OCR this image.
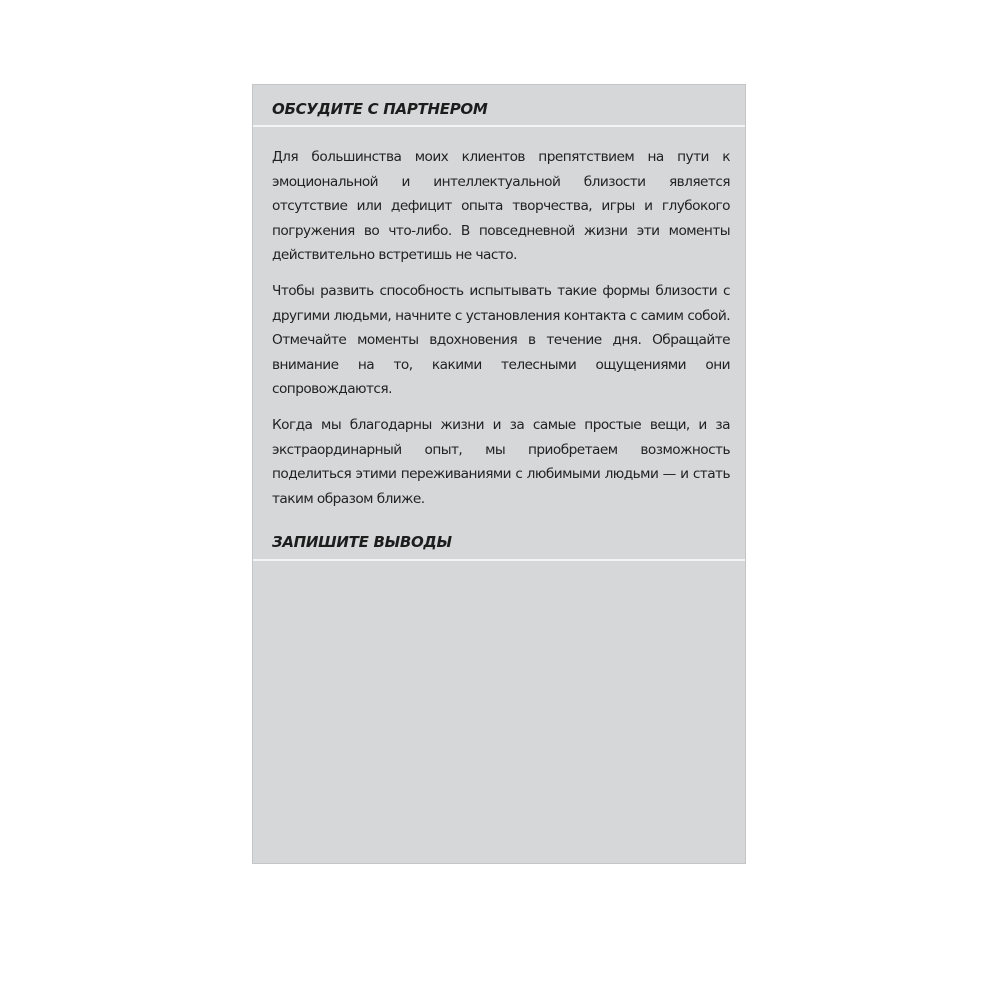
ОБСУДИТЕ С ПАРТНЕРОМ

Для большинства моих клиентов препятствием на пути к эмоциональной и интеллектуальной близости является отсутствие или дефицит опыта творчества, игры и глубокого погружения во что-либо. В повседневной жизни эти моменты действительно встретишь не часто.

Чтобы развить способность испытывать такие формы близости с другими людьми, начните с установления контакта с самим собой. Отмечайте моменты вдохновения в течение дня. Обращайте внимание на то, какими телесными ощущениями они сопровождаются.

Когда мы благодарны жизни и за самые простые вещи, и за экстраординарный опыт, мы приобретаем возможность поделиться этими переживаниями с любимыми людьми — и стать таким образом ближе.

ЗАПИШИТЕ ВЫВОДЫ
